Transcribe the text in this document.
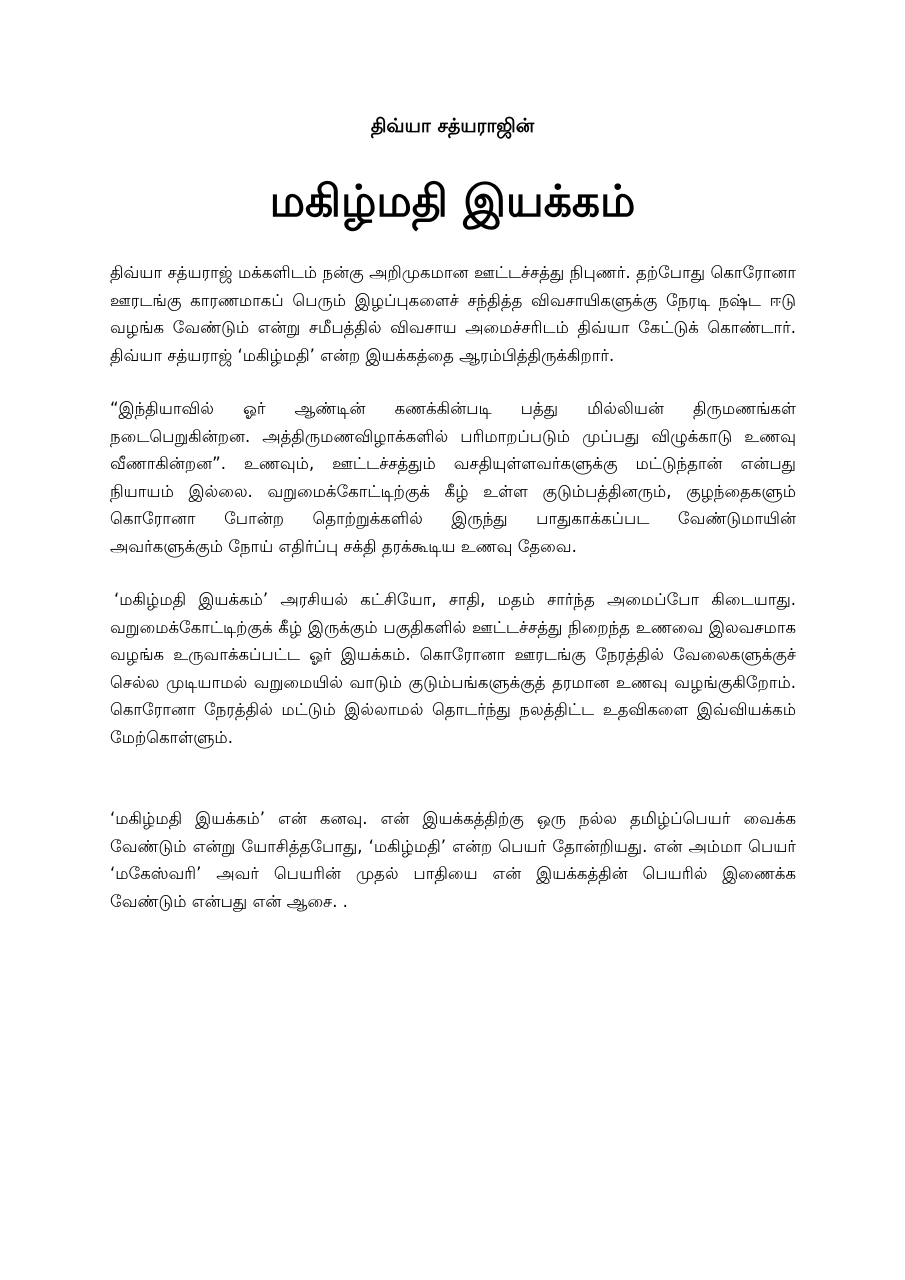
திவ்யா சத்யராஜின்
மகிழ்மதி இயக்கம்

திவ்யா சத்யராஜ் மக்களிடம் நன்கு அறிமுகமான ஊட்டச்சத்து நிபுணர். தற்போது கொரோனா ஊரடங்கு காரணமாகப் பெரும் இழப்புகளைச் சந்தித்த விவசாயிகளுக்கு நேரடி நஷ்ட ஈடு வழங்க வேண்டும் என்று சமீபத்தில் விவசாய அமைச்சரிடம் திவ்யா கேட்டுக் கொண்டார். திவ்யா சத்யராஜ் ‘மகிழ்மதி’ என்ற இயக்கத்தை ஆரம்பித்திருக்கிறார்.

“இந்தியாவில் ஓர் ஆண்டின் கணக்கின்படி பத்து மில்லியன் திருமணங்கள் நடைபெறுகின்றன. அத்திருமணவிழாக்களில் பரிமாறப்படும் முப்பது விழுக்காடு உணவு வீணாகின்றன”. உணவும், ஊட்டச்சத்தும் வசதியுள்ளவர்களுக்கு மட்டுந்தான் என்பது நியாயம் இல்லை. வறுமைக்கோட்டிற்குக் கீழ் உள்ள குடும்பத்தினரும், குழந்தைகளும் கொரோனா போன்ற தொற்றுக்களில் இருந்து பாதுகாக்கப்பட வேண்டுமாயின் அவர்களுக்கும் நோய் எதிர்ப்பு சக்தி தரக்கூடிய உணவு தேவை.

‘மகிழ்மதி இயக்கம்’ அரசியல் கட்சியோ, சாதி, மதம் சார்ந்த அமைப்போ கிடையாது. வறுமைக்கோட்டிற்குக் கீழ் இருக்கும் பகுதிகளில் ஊட்டச்சத்து நிறைந்த உணவை இலவசமாக வழங்க உருவாக்கப்பட்ட ஓர் இயக்கம். கொரோனா ஊரடங்கு நேரத்தில் வேலைகளுக்குச் செல்ல முடியாமல் வறுமையில் வாடும் குடும்பங்களுக்குத் தரமான உணவு வழங்குகிறோம். கொரோனா நேரத்தில் மட்டும் இல்லாமல் தொடர்ந்து நலத்திட்ட உதவிகளை இவ்வியக்கம் மேற்கொள்ளும்.

‘மகிழ்மதி இயக்கம்’ என் கனவு. என் இயக்கத்திற்கு ஒரு நல்ல தமிழ்ப்பெயர் வைக்க வேண்டும் என்று யோசித்தபோது, ‘மகிழ்மதி’ என்ற பெயர் தோன்றியது. என் அம்மா பெயர் ‘மகேஸ்வரி’ அவர் பெயரின் முதல் பாதியை என் இயக்கத்தின் பெயரில் இணைக்க வேண்டும் என்பது என் ஆசை. .
